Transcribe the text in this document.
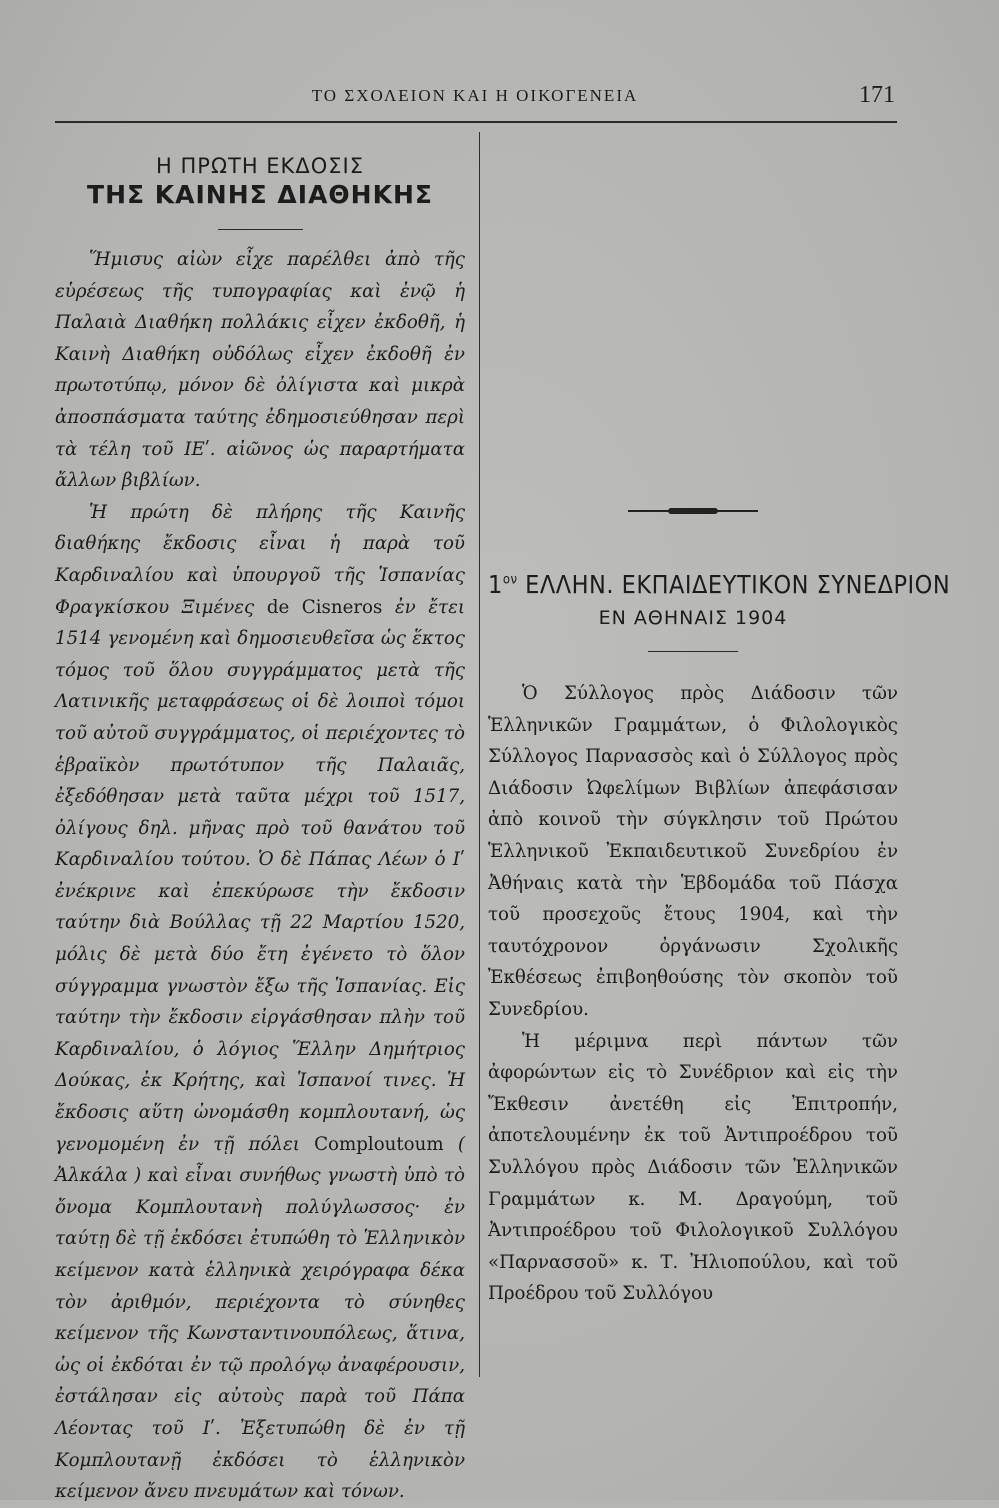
ΤΟ ΣΧΟΛΕΙΟΝ ΚΑΙ Η ΟΙΚΟΓΕΝΕΙΑ	171
Η ΠΡΩΤΗ ΕΚΔΟΣΙΣ
ΤΗΣ ΚΑΙΝΗΣ ΔΙΑΘΗΚΗΣ

Ἥμισυς αἰὼν εἶχε παρέλθει ἀπὸ τῆς εὑρέσεως τῆς τυπογραφίας καὶ ἐνῷ ἡ Παλαιὰ Διαθήκη πολλάκις εἶχεν ἐκδοθῆ, ἡ Καινὴ Διαθήκη οὐδόλως εἶχεν ἐκδοθῆ ἐν πρωτοτύπῳ, μόνον δὲ ὀλίγιστα καὶ μικρὰ ἀποσπάσματα ταύτης ἐδημοσιεύθησαν περὶ τὰ τέλη τοῦ ΙΕʹ. αἰῶνος ὡς παραρτήματα ἄλλων βιβλίων.

Ἡ πρώτη δὲ πλήρης τῆς Καινῆς διαθήκης ἔκδοσις εἶναι ἡ παρὰ τοῦ Καρδιναλίου καὶ ὑπουργοῦ τῆς Ἱσπανίας Φραγκίσκου Ξιμένες de Cisneros ἐν ἔτει 1514 γενομένη καὶ δημοσιευθεῖσα ὡς ἕκτος τόμος τοῦ ὅλου συγγράμματος μετὰ τῆς Λατινικῆς μεταφράσεως οἱ δὲ λοιποὶ τόμοι τοῦ αὐτοῦ συγγράμματος, οἱ περιέχοντες τὸ ἑβραϊκὸν πρωτότυπον τῆς Παλαιᾶς, ἐξεδόθησαν μετὰ ταῦτα μέχρι τοῦ 1517, ὀλίγους δηλ. μῆνας πρὸ τοῦ θανάτου τοῦ Καρδιναλίου τούτου. Ὁ δὲ Πάπας Λέων ὁ Ιʹ ἐνέκρινε καὶ ἐπεκύρωσε τὴν ἔκδοσιν ταύτην διὰ Βούλλας τῇ 22 Μαρτίου 1520, μόλις δὲ μετὰ δύο ἔτη ἐγένετο τὸ ὅλον σύγγραμμα γνωστὸν ἔξω τῆς Ἱσπανίας. Εἰς ταύτην τὴν ἔκδοσιν εἰργάσθησαν πλὴν τοῦ Καρδιναλίου, ὁ λόγιος Ἕλλην Δημήτριος Δούκας, ἐκ Κρήτης, καὶ Ἱσπανοί τινες. Ἡ ἔκδοσις αὕτη ὠνομάσθη κομπλουτανή, ὡς γενομομένη ἐν τῇ πόλει Comploutoum ( Ἀλκάλα ) καὶ εἶναι συνήθως γνωστὴ ὑπὸ τὸ ὄνομα Κομπλουτανὴ πολύγλωσσος· ἐν ταύτῃ δὲ τῇ ἐκδόσει ἐτυπώθη τὸ Ἑλληνικὸν κείμενον κατὰ ἑλληνικὰ χειρόγραφα δέκα τὸν ἀριθμόν, περιέχοντα τὸ σύνηθες κείμενον τῆς Κωνσταντινουπόλεως, ἅτινα, ὡς οἱ ἐκδόται ἐν τῷ προλόγῳ ἀναφέρουσιν, ἐστάλησαν εἰς αὐτοὺς παρὰ τοῦ Πάπα Λέοντας τοῦ Ιʹ. Ἐξετυπώθη δὲ ἐν τῇ Κομπλουτανῇ ἐκδόσει τὸ ἑλληνικὸν κείμενον ἄνευ πνευμάτων καὶ τόνων.

$1^{o\nu}$ ΕΛΛΗΝ. ΕΚΠΑΙΔΕΥΤΙΚΟΝ ΣΥΝΕΔΡΙΟΝ
ΕΝ ΑΘΗΝΑΙΣ 1904

Ὁ Σύλλογος πρὸς Διάδοσιν τῶν Ἑλληνικῶν Γραμμάτων, ὁ Φιλολογικὸς Σύλλογος Παρνασσὸς καὶ ὁ Σύλλογος πρὸς Διάδοσιν Ὠφελίμων Βιβλίων ἀπεφάσισαν ἀπὸ κοινοῦ τὴν σύγκλησιν τοῦ Πρώτου Ἑλληνικοῦ Ἐκπαιδευτικοῦ Συνεδρίου ἐν Ἀθήναις κατὰ τὴν Ἑβδομάδα τοῦ Πάσχα τοῦ προσεχοῦς ἔτους 1904, καὶ τὴν ταυτόχρονον ὀργάνωσιν Σχολικῆς Ἐκθέσεως ἐπιβοηθούσης τὸν σκοπὸν τοῦ Συνεδρίου.

Ἡ μέριμνα περὶ πάντων τῶν ἀφορώντων εἰς τὸ Συνέδριον καὶ εἰς τὴν Ἔκθεσιν ἀνετέθη εἰς Ἐπιτροπήν, ἀποτελουμένην ἐκ τοῦ Ἀντιπροέδρου τοῦ Συλλόγου πρὸς Διάδοσιν τῶν Ἑλληνικῶν Γραμμάτων κ. Μ. Δραγούμη, τοῦ Ἀντιπροέδρου τοῦ Φιλολογικοῦ Συλλόγου «Παρνασσοῦ» κ. Τ. Ἠλιοπούλου, καὶ τοῦ Προέδρου τοῦ Συλλόγου
